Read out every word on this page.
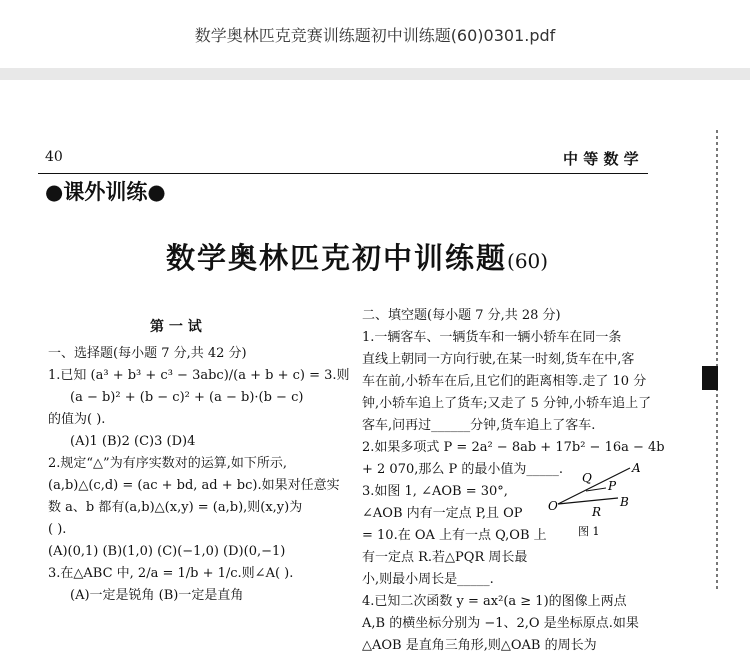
数学奥林匹克竞赛训练题初中训练题(60)0301.pdf
40	中 等 数 学
●课外训练●
数学奥林匹克初中训练题(60)
第 一 试
一、选择题(每小题 7 分,共 42 分)
1.已知 (a³ + b³ + c³ − 3abc)/(a + b + c) = 3.则
(a − b)² + (b − c)² + (a − b)·(b − c)
的值为( ).
(A)1 (B)2 (C)3 (D)4
2.规定“△”为有序实数对的运算,如下所示,
(a,b)△(c,d) = (ac + bd, ad + bc).如果对任意实
数 a、b 都有(a,b)△(x,y) = (a,b),则(x,y)为
( ).
(A)(0,1) (B)(1,0) (C)(−1,0) (D)(0,−1)
3.在△ABC 中, 2/a = 1/b + 1/c.则∠A( ).
(A)一定是锐角 (B)一定是直角
二、填空题(每小题 7 分,共 28 分)
1.一辆客车、一辆货车和一辆小轿车在同一条
直线上朝同一方向行驶,在某一时刻,货车在中,客
车在前,小轿车在后,且它们的距离相等.走了 10 分
钟,小轿车追上了货车;又走了 5 分钟,小轿车追上了
客车,问再过______分钟,货车追上了客车.
2.如果多项式 P = 2a² − 8ab + 17b² − 16a − 4b
+ 2 070,那么 P 的最小值为_____.
3.如图 1, ∠AOB = 30°,
∠AOB 内有一定点 P,且 OP
= 10.在 OA 上有一点 Q,OB 上
有一定点 R.若△PQR 周长最
小,则最小周长是_____.
4.已知二次函数 y = ax²(a ≥ 1)的图像上两点
A,B 的横坐标分别为 −1、2,O 是坐标原点.如果
△AOB 是直角三角形,则△OAB 的周长为
O
A
B
P
Q
R
图 1
